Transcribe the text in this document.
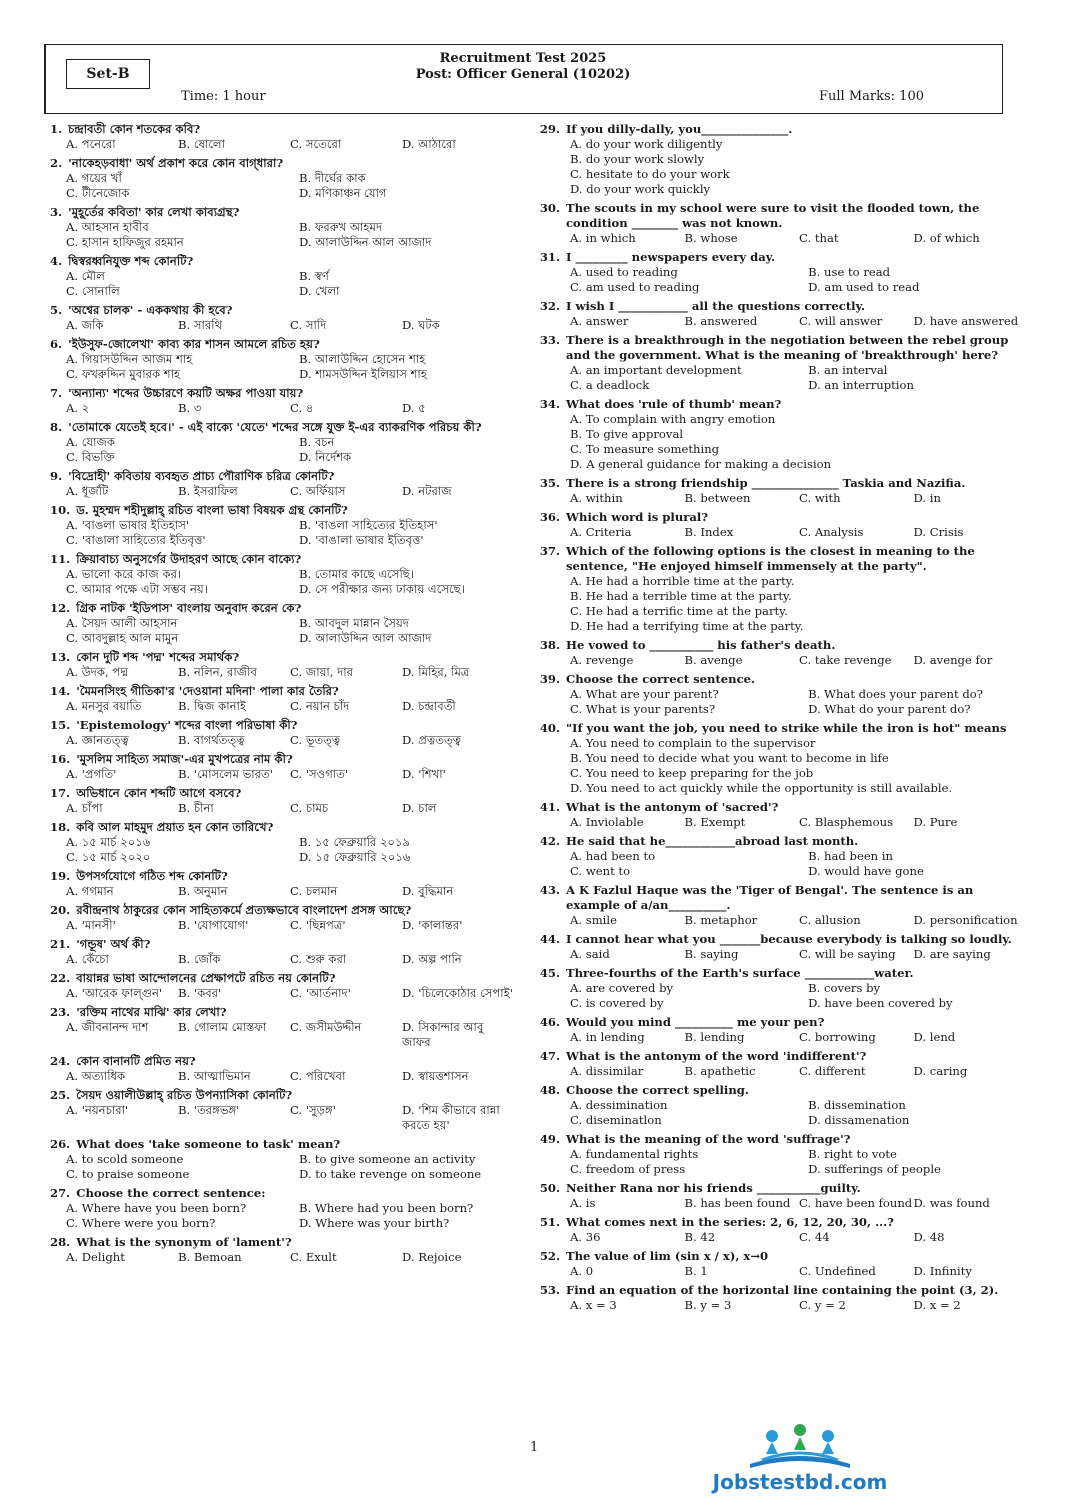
Set-B
Recruitment Test 2025
Post: Officer General (10202)
Time: 1 hour	Full Marks: 100
1. চন্দ্রাবতী কোন শতকের কবি?
A. পনেরো	B. ষোলো	C. সতেরো	D. আঠারো
2. 'নাকেহড়বাধা' অর্থ প্রকাশ করে কোন বাগ্‌ধারা?
A. গয়ের খাঁ	B. দীর্ঘের কাক
C. টীনেজোক	D. মণিকাঞ্চন যোগ
3. 'মুহূর্তের কবিতা' কার লেখা কাব্যগ্রন্থ?
A. আহসান হাবীব	B. ফররুখ আহমদ
C. হাসান হাফিজুর রহমান	D. আলাউদ্দিন আল আজাদ
4. দ্বিস্বরধ্বনিযুক্ত শব্দ কোনটি?
A. মৌল	B. স্বর্ণ
C. সোনালি	D. খেলা
5. 'অশ্বের চালক' - এককথায় কী হবে?
A. জকি	B. সারথি	C. সাদি	D. ঘটক
6. 'ইউসুফ-জোলেখা' কাব্য কার শাসন আমলে রচিত হয়?
A. গিয়াসউদ্দিন আজম শাহ	B. আলাউদ্দিন হোসেন শাহ
C. ফখরুদ্দিন মুবারক শাহ	D. শামসউদ্দিন ইলিয়াস শাহ
7. 'অন্যান্য' শব্দের উচ্চারণে কয়টি অক্ষর পাওয়া যায়?
A. ২	B. ৩	C. ৪	D. ৫
8. 'তোমাকে যেতেই হবে।' - এই বাক্যে 'যেতে' শব্দের সঙ্গে যুক্ত ই-এর ব্যাকরণিক পরিচয় কী?
A. যোজক	B. বচন
C. বিভক্তি	D. নির্দেশক
9. 'বিদ্রোহী' কবিতায় ব্যবহৃত প্রাচ্য পৌরাণিক চরিত্র কোনটি?
A. ধূর্জটি	B. ইসরাফিল	C. অর্ফিয়াস	D. নটরাজ
10. ড. মুহম্মদ শহীদুল্লাহ্‌ রচিত বাংলা ভাষা বিষয়ক গ্রন্থ কোনটি?
A. 'বাঙলা ভাষার ইতিহাস'	B. 'বাঙলা সাহিত্যের ইতিহাস'
C. 'বাঙালা সাহিত্যের ইতিবৃত্ত'	D. 'বাঙালা ভাষার ইতিবৃত্ত'
11. ক্রিয়াবাচ্য অনুসর্গের উদাহরণ আছে কোন বাক্যে?
A. ভালো করে কাজ কর।	B. তোমার কাছে এসেছি।
C. আমার পক্ষে এটা সম্ভব নয়।	D. সে পরীক্ষার জন্য ঢাকায় এসেছে।
12. গ্রিক নাটক 'ইডিপাস' বাংলায় অনুবাদ করেন কে?
A. সৈয়দ আলী আহসান	B. আবদুল মান্নান সৈয়দ
C. আবদুল্লাহ আল মামুন	D. আলাউদ্দিন আল আজাদ
13. কোন দুটি শব্দ 'পদ্ম' শব্দের সমার্থক?
A. উদক, পদ্ম	B. নলিন, রাজীব	C. জায়া, দার	D. মিহির, মিত্র
14. 'মৈমনসিংহ গীতিকা'র 'দেওয়ানা মদিনা' পালা কার তৈরি?
A. মনসুর বয়াতি	B. দ্বিজ কানাই	C. নয়ান চাঁদ	D. চন্দ্রাবতী
15. 'Epistemology' শব্দের বাংলা পরিভাষা কী?
A. জ্ঞানতত্ত্ব	B. বাগর্থতত্ত্ব	C. ভূতত্ত্ব	D. প্রত্নতত্ত্ব
16. 'মুসলিম সাহিত্য সমাজ'-এর মুখপত্রের নাম কী?
A. 'প্রগতি'	B. 'মোসলেম ভারত'	C. 'সওগাত'	D. 'শিখা'
17. অভিধানে কোন শব্দটি আগে বসবে?
A. চাঁপা	B. চীনা	C. চামচ	D. চাল
18. কবি আল মাহমুদ প্রয়াত হন কোন তারিখে?
A. ১৫ মার্চ ২০১৬	B. ১৫ ফেব্রুয়ারি ২০১৯
C. ১৫ মার্চ ২০২০	D. ১৫ ফেব্রুয়ারি ২০১৬
19. উপসর্গযোগে গঠিত শব্দ কোনটি?
A. গগমান	B. অনুমান	C. চলমান	D. বুদ্ধিমান
20. রবীন্দ্রনাথ ঠাকুরের কোন সাহিত্যকর্মে প্রত্যক্ষভাবে বাংলাদেশ প্রসঙ্গ আছে?
A. 'মানসী'	B. 'যোগাযোগ'	C. 'ছিন্নপত্র'	D. 'কালান্তর'
21. 'গন্ডূষ' অর্থ কী?
A. কেঁচো	B. জোঁক	C. শুরু করা	D. অল্প পানি
22. বায়ান্নর ভাষা আন্দোলনের প্রেক্ষাপটে রচিত নয় কোনটি?
A. 'আরেক ফাল্গুন'	B. 'কবর'	C. 'আর্তনাদ'	D. 'চিলেকোঠার সেপাই'
23. 'রক্তিম নাথের মাঝি' কার লেখা?
A. জীবনানন্দ দাশ	B. গোলাম মোস্তফা	C. জসীমউদ্দীন	D. সিকান্দার আবু জাফর
24. কোন বানানটি প্রমিত নয়?
A. অত্যাধিক	B. আত্মাভিমান	C. পরিখেবা	D. স্বায়ত্তশাসন
25. সৈয়দ ওয়ালীউল্লাহ্‌ রচিত উপন্যাসিকা কোনটি?
A. 'নয়নচারা'	B. 'তরঙ্গভঙ্গ'	C. 'সুড়ঙ্গ'	D. 'শিম কীভাবে রান্না করতে হয়'
26. What does 'take someone to task' mean?
A. to scold someone	B. to give someone an activity
C. to praise someone	D. to take revenge on someone
27. Choose the correct sentence:
A. Where have you been born?	B. Where had you been born?
C. Where were you born?	D. Where was your birth?
28. What is the synonym of 'lament'?
A. Delight	B. Bemoan	C. Exult	D. Rejoice
29. If you dilly-dally, you_______________.
A. do your work diligently
B. do your work slowly
C. hesitate to do your work
D. do your work quickly
30. The scouts in my school were sure to visit the flooded town, the condition ________ was not known.
A. in which	B. whose	C. that	D. of which
31. I _________ newspapers every day.
A. used to reading	B. use to read
C. am used to reading	D. am used to read
32. I wish I ____________ all the questions correctly.
A. answer	B. answered	C. will answer	D. have answered
33. There is a breakthrough in the negotiation between the rebel group and the government. What is the meaning of 'breakthrough' here?
A. an important development	B. an interval
C. a deadlock	D. an interruption
34. What does 'rule of thumb' mean?
A. To complain with angry emotion
B. To give approval
C. To measure something
D. A general guidance for making a decision
35. There is a strong friendship _______________ Taskia and Nazifia.
A. within	B. between	C. with	D. in
36. Which word is plural?
A. Criteria	B. Index	C. Analysis	D. Crisis
37. Which of the following options is the closest in meaning to the sentence, "He enjoyed himself immensely at the party".
A. He had a horrible time at the party.
B. He had a terrible time at the party.
C. He had a terrific time at the party.
D. He had a terrifying time at the party.
38. He vowed to ___________ his father's death.
A. revenge	B. avenge	C. take revenge	D. avenge for
39. Choose the correct sentence.
A. What are your parent?	B. What does your parent do?
C. What is your parents?	D. What do your parent do?
40. "If you want the job, you need to strike while the iron is hot" means
A. You need to complain to the supervisor
B. You need to decide what you want to become in life
C. You need to keep preparing for the job
D. You need to act quickly while the opportunity is still available.
41. What is the antonym of 'sacred'?
A. Inviolable	B. Exempt	C. Blasphemous	D. Pure
42. He said that he____________abroad last month.
A. had been to	B. had been in
C. went to	D. would have gone
43. A K Fazlul Haque was the 'Tiger of Bengal'. The sentence is an example of a/an__________.
A. smile	B. metaphor	C. allusion	D. personification
44. I cannot hear what you _______because everybody is talking so loudly.
A. said	B. saying	C. will be saying	D. are saying
45. Three-fourths of the Earth's surface ____________water.
A. are covered by	B. covers by
C. is covered by	D. have been covered by
46. Would you mind __________ me your pen?
A. in lending	B. lending	C. borrowing	D. lend
47. What is the antonym of the word 'indifferent'?
A. dissimilar	B. apathetic	C. different	D. caring
48. Choose the correct spelling.
A. dessimination	B. dissemination
C. diseminatlon	D. dissamenation
49. What is the meaning of the word 'suffrage'?
A. fundamental rights	B. right to vote
C. freedom of press	D. sufferings of people
50. Neither Rana nor his friends ___________guilty.
A. is	B. has been found C. have been found D. was found
51. What comes next in the series: 2, 6, 12, 20, 30, ...?
A. 36	B. 42	C. 44	D. 48
52. The value of lim (sin x / x), x→0
A. 0	B. 1	C. Undefined	D. Infinity
53. Find an equation of the horizontal line containing the point (3, 2).
A. x = 3	B. y = 3	C. y = 2	D. x = 2
1
Jobstestbd.com
